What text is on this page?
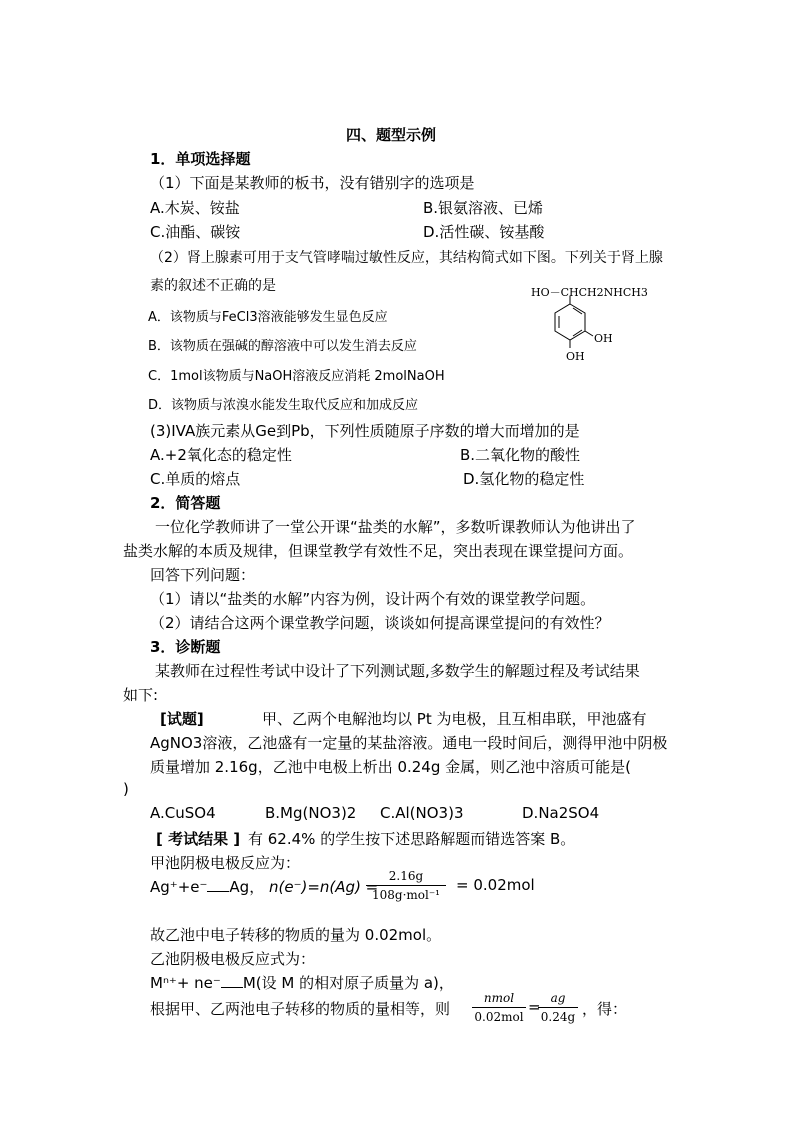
四、题型示例
1．单项选择题
（1）下面是某教师的板书，没有错别字的选项是
A.木炭、铵盐	B.银氨溶液、已烯
C.油酯、碳铵	D.活性碳、铵基酸
（2）肾上腺素可用于支气管哮喘过敏性反应，其结构简式如下图。下列关于肾上腺
素的叙述不正确的是
A．该物质与FeCl3溶液能够发生显色反应
B．该物质在强碱的醇溶液中可以发生消去反应
C．1mol该物质与NaOH溶液反应消耗 2molNaOH
D．该物质与浓溴水能发生取代反应和加成反应
HO－CHCH2NHCH3
OH
OH
(3)IVA族元素从Ge到Pb，下列性质随原子序数的增大而增加的是
A.+2氧化态的稳定性	B.二氧化物的酸性
C.单质的熔点	D.氢化物的稳定性
2．简答题
一位化学教师讲了一堂公开课“盐类的水解”，多数听课教师认为他讲出了
盐类水解的本质及规律，但课堂教学有效性不足，突出表现在课堂提问方面。
回答下列问题：
（1）请以“盐类的水解”内容为例，设计两个有效的课堂教学问题。
（2）请结合这两个课堂教学问题，谈谈如何提高课堂提问的有效性？
3．诊断题
某教师在过程性考试中设计了下列测试题,多数学生的解题过程及考试结果
如下:
[试题]	甲、乙两个电解池均以 Pt 为电极，且互相串联，甲池盛有
AgNO3溶液，乙池盛有一定量的某盐溶液。通电一段时间后，测得甲池中阴极
质量增加 2.16g，乙池中电极上析出 0.24g 金属，则乙池中溶质可能是(
)
A.CuSO4	B.Mg(NO3)2 C.Al(NO3)3	D.Na2SO4
[ 考试结果 ] 有 62.4% 的学生按下述思路解题而错选答案 B。
甲池阴极电极反应为：
Ag⁺+e⁻ Ag， n(e⁻)=n(Ag) =
2.16g
108g·mol⁻¹
= 0.02mol
故乙池中电子转移的物质的量为 0.02mol。
乙池阴极电极反应式为：
Mⁿ⁺+ ne⁻ M(设 M 的相对原子质量为 a)，
根据甲、乙两池电子转移的物质的量相等，则
nmol
0.02mol
= ag
0.24g ，得：
